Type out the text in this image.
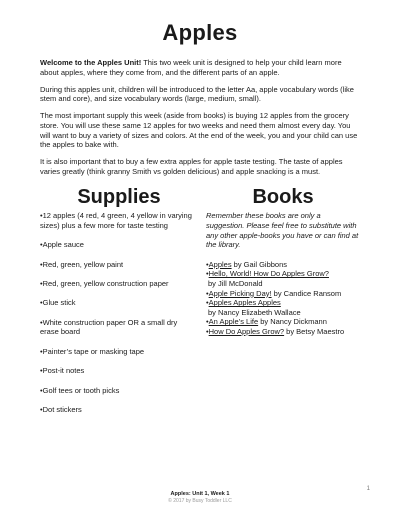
Apples

Welcome to the Apples Unit! This two week unit is designed to help your child learn more about apples, where they come from, and the different parts of an apple.

During this apples unit, children will be introduced to the letter Aa, apple vocabulary words (like stem and core), and size vocabulary words (large, medium, small).

The most important supply this week (aside from books) is buying 12 apples from the grocery store. You will use these same 12 apples for two weeks and need them almost every day. You will want to buy a variety of sizes and colors. At the end of the week, you and your child can use the apples to bake with.

It is also important that to buy a few extra apples for apple taste testing. The taste of apples varies greatly (think granny Smith vs golden delicious) and apple snacking is a must.

Supplies
•12 apples (4 red, 4 green, 4 yellow in varying sizes) plus a few more for taste testing
•Apple sauce
•Red, green, yellow paint
•Red, green, yellow construction paper
•Glue stick
•White construction paper OR a small dry erase board
•Painter’s tape or masking tape
•Post-it notes
•Golf tees or tooth picks
•Dot stickers
Books

Remember these books are only a suggestion. Please feel free to substitute with any other apple-books you have or can find at the library.

•Apples by Gail Gibbons
•Hello, World! How Do Apples Grow?
by Jill McDonald
•Apple Picking Day! by Candice Ransom
•Apples Apples Apples
by Nancy Elizabeth Wallace
•An Apple’s Life by Nancy Dickmann
•How Do Apples Grow? by Betsy Maestro
1
Apples: Unit 1, Week 1
© 2017 by Busy Toddler LLC
